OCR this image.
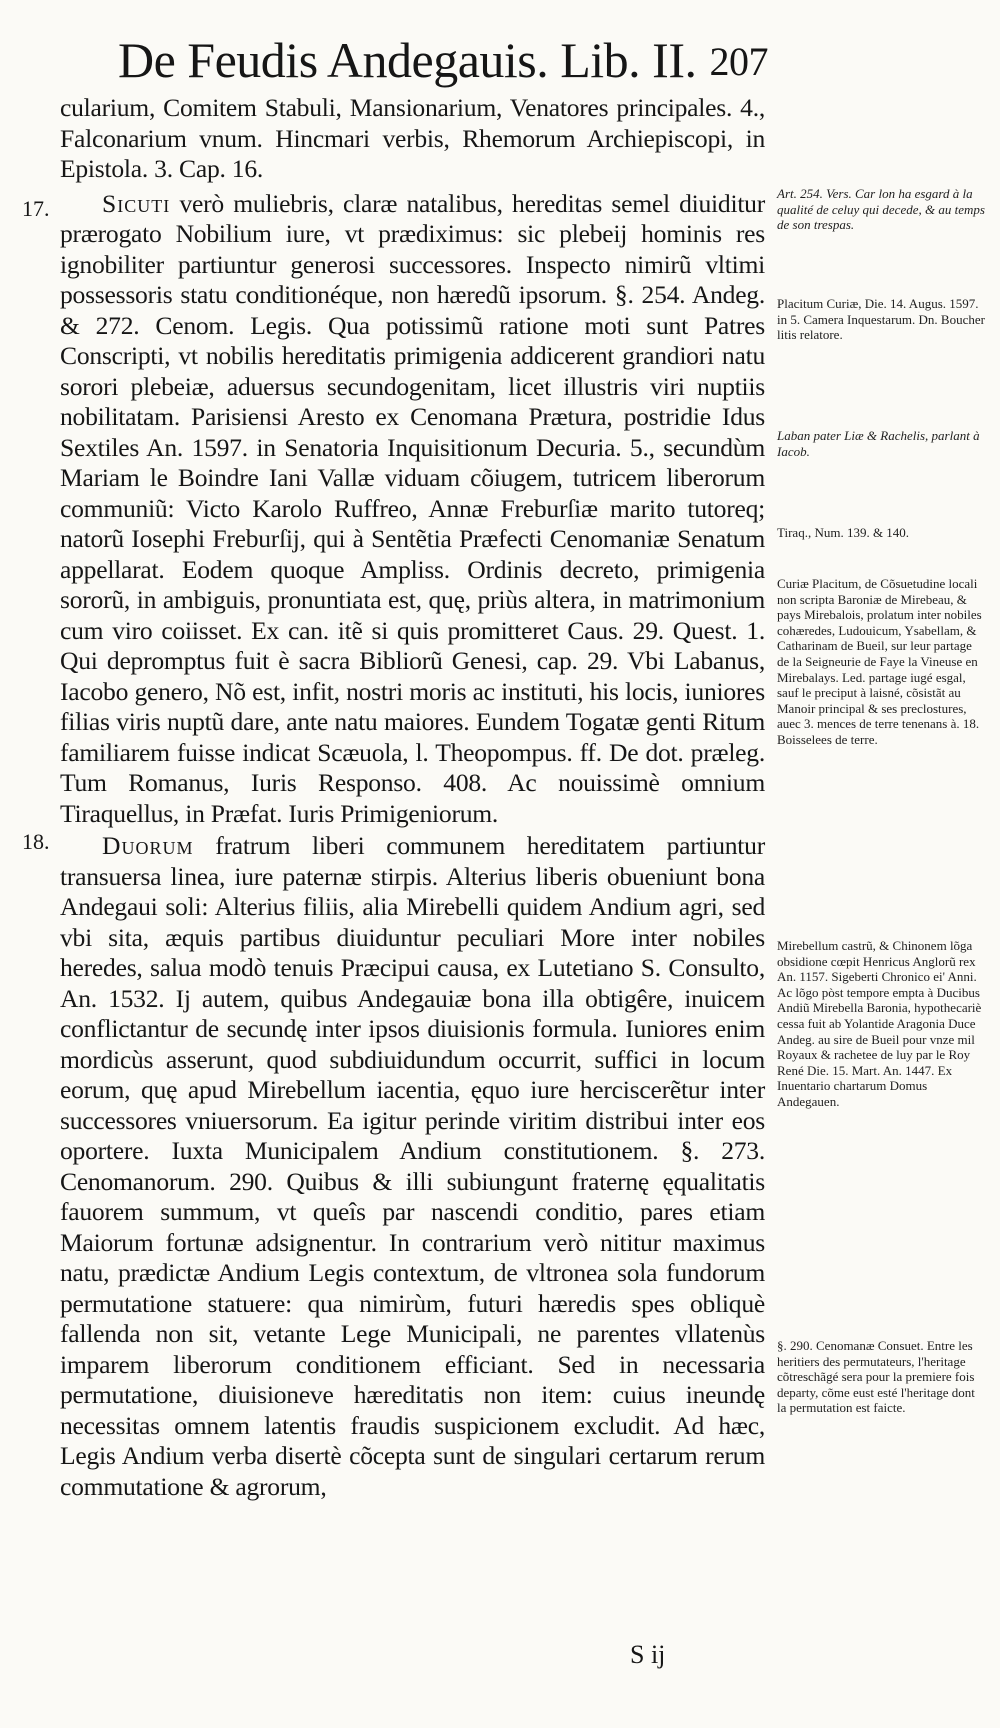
De Feudis Andegauis. Lib. II. 207

cularium, Comitem Stabuli, Mansionarium, Venatores principales. 4., Falconarium vnum. Hincmari verbis, Rhemorum Archiepiscopi, in Epistola. 3. Cap. 16.

Sicuti verò muliebris, claræ natalibus, hereditas semel diuiditur prærogato Nobilium iure, vt prædiximus: sic plebeij hominis res ignobiliter partiuntur generosi successores. Inspecto nimirũ vltimi possessoris statu conditionéque, non hæredũ ipsorum. §. 254. Andeg. & 272. Cenom. Legis. Qua potissimũ ratione moti sunt Patres Conscripti, vt nobilis hereditatis primigenia addicerent grandiori natu sorori plebeiæ, aduersus secundogenitam, licet illustris viri nuptiis nobilitatam. Parisiensi Aresto ex Cenomana Prætura, postridie Idus Sextiles An. 1597. in Senatoria Inquisitionum Decuria. 5., secundùm Mariam le Boindre Iani Vallæ viduam cõiugem, tutricem liberorum communiũ: Victo Karolo Ruffreo, Annæ Freburſiæ marito tutoreq; natorũ Iosephi Freburſij, qui à Sentẽtia Præfecti Cenomaniæ Senatum appellarat. Eodem quoque Ampliss. Ordinis decreto, primigenia sororũ, in ambiguis, pronuntiata est, quę, priùs altera, in matrimonium cum viro coiisset. Ex can. itẽ si quis promitteret Caus. 29. Quest. 1. Qui depromptus fuit è sacra Bibliorũ Genesi, cap. 29. Vbi Labanus, Iacobo genero, Nõ est, infit, nostri moris ac instituti, his locis, iuniores filias viris nuptũ dare, ante natu maiores. Eundem Togatæ genti Ritum familiarem fuisse indicat Scæuola, l. Theopompus. ff. De dot. præleg. Tum Romanus, Iuris Responso. 408. Ac nouissimè omnium Tiraquellus, in Præfat. Iuris Primigeniorum.

Duorum fratrum liberi communem hereditatem partiuntur transuersa linea, iure paternæ stirpis. Alterius liberis obueniunt bona Andegaui soli: Alterius filiis, alia Mirebelli quidem Andium agri, sed vbi sita, æquis partibus diuiduntur peculiari More inter nobiles heredes, salua modò tenuis Præcipui causa, ex Lutetiano S. Consulto, An. 1532. Ij autem, quibus Andegauiæ bona illa obtigêre, inuicem conflictantur de secundę inter ipsos diuisionis formula. Iuniores enim mordicùs asserunt, quod subdiuidundum occurrit, suffici in locum eorum, quę apud Mirebellum iacentia, ęquo iure herciscerẽtur inter successores vniuersorum. Ea igitur perinde viritim distribui inter eos oportere. Iuxta Municipalem Andium constitutionem. §. 273. Cenomanorum. 290. Quibus & illi subiungunt fraternę ęqualitatis fauorem summum, vt queîs par nascendi conditio, pares etiam Maiorum fortunæ adsignentur. In contrarium verò nititur maximus natu, prædictæ Andium Legis contextum, de vltronea sola fundorum permutatione statuere: qua nimirùm, futuri hæredis spes obliquè fallenda non sit, vetante Lege Municipali, ne parentes vllatenùs imparem liberorum conditionem efficiant. Sed in necessaria permutatione, diuisioneve hæreditatis non item: cuius ineundę necessitas omnem latentis fraudis suspicionem excludit. Ad hæc, Legis Andium verba disertè cõcepta sunt de singulari certarum rerum commutatione & agrorum,

17.
18.
Art. 254. Vers. Car lon ha esgard à la qualité de celuy qui decede, & au temps de son trespas.
Placitum Curiæ, Die. 14. Augus. 1597. in 5. Camera Inquestarum. Dn. Boucher litis relatore.
Laban pater Liæ & Rachelis, parlant à Iacob.
Tiraq., Num. 139. & 140.
Curiæ Placitum, de Cõsuetudine locali non scripta Baroniæ de Mirebeau, & pays Mirebalois, prolatum inter nobiles cohæredes, Ludouicum, Ysabellam, & Catharinam de Bueil, sur leur partage de la Seigneurie de Faye la Vineuse en Mirebalays. Led. partage iugé esgal, sauf le preciput à laisné, cõsistãt au Manoir principal & ses preclostures, auec 3. mences de terre tenenans à. 18. Boisselees de terre.
Mirebellum castrũ, & Chinonem lõga obsidione cœpit Henricus Anglorũ rex An. 1157. Sigeberti Chronico ei' Anni. Ac lõgo pòst tempore empta à Ducibus Andiũ Mirebella Baronia, hypothecariè cessa fuit ab Yolantide Aragonia Duce Andeg. au sire de Bueil pour vnze mil Royaux & rachetee de luy par le Roy René Die. 15. Mart. An. 1447. Ex Inuentario chartarum Domus Andegauen.
§. 290. Cenomanæ Consuet. Entre les heritiers des permutateurs, l'heritage cõtreschãgé sera pour la premiere fois departy, cõme eust esté l'heritage dont la permutation est faicte.
S ij
